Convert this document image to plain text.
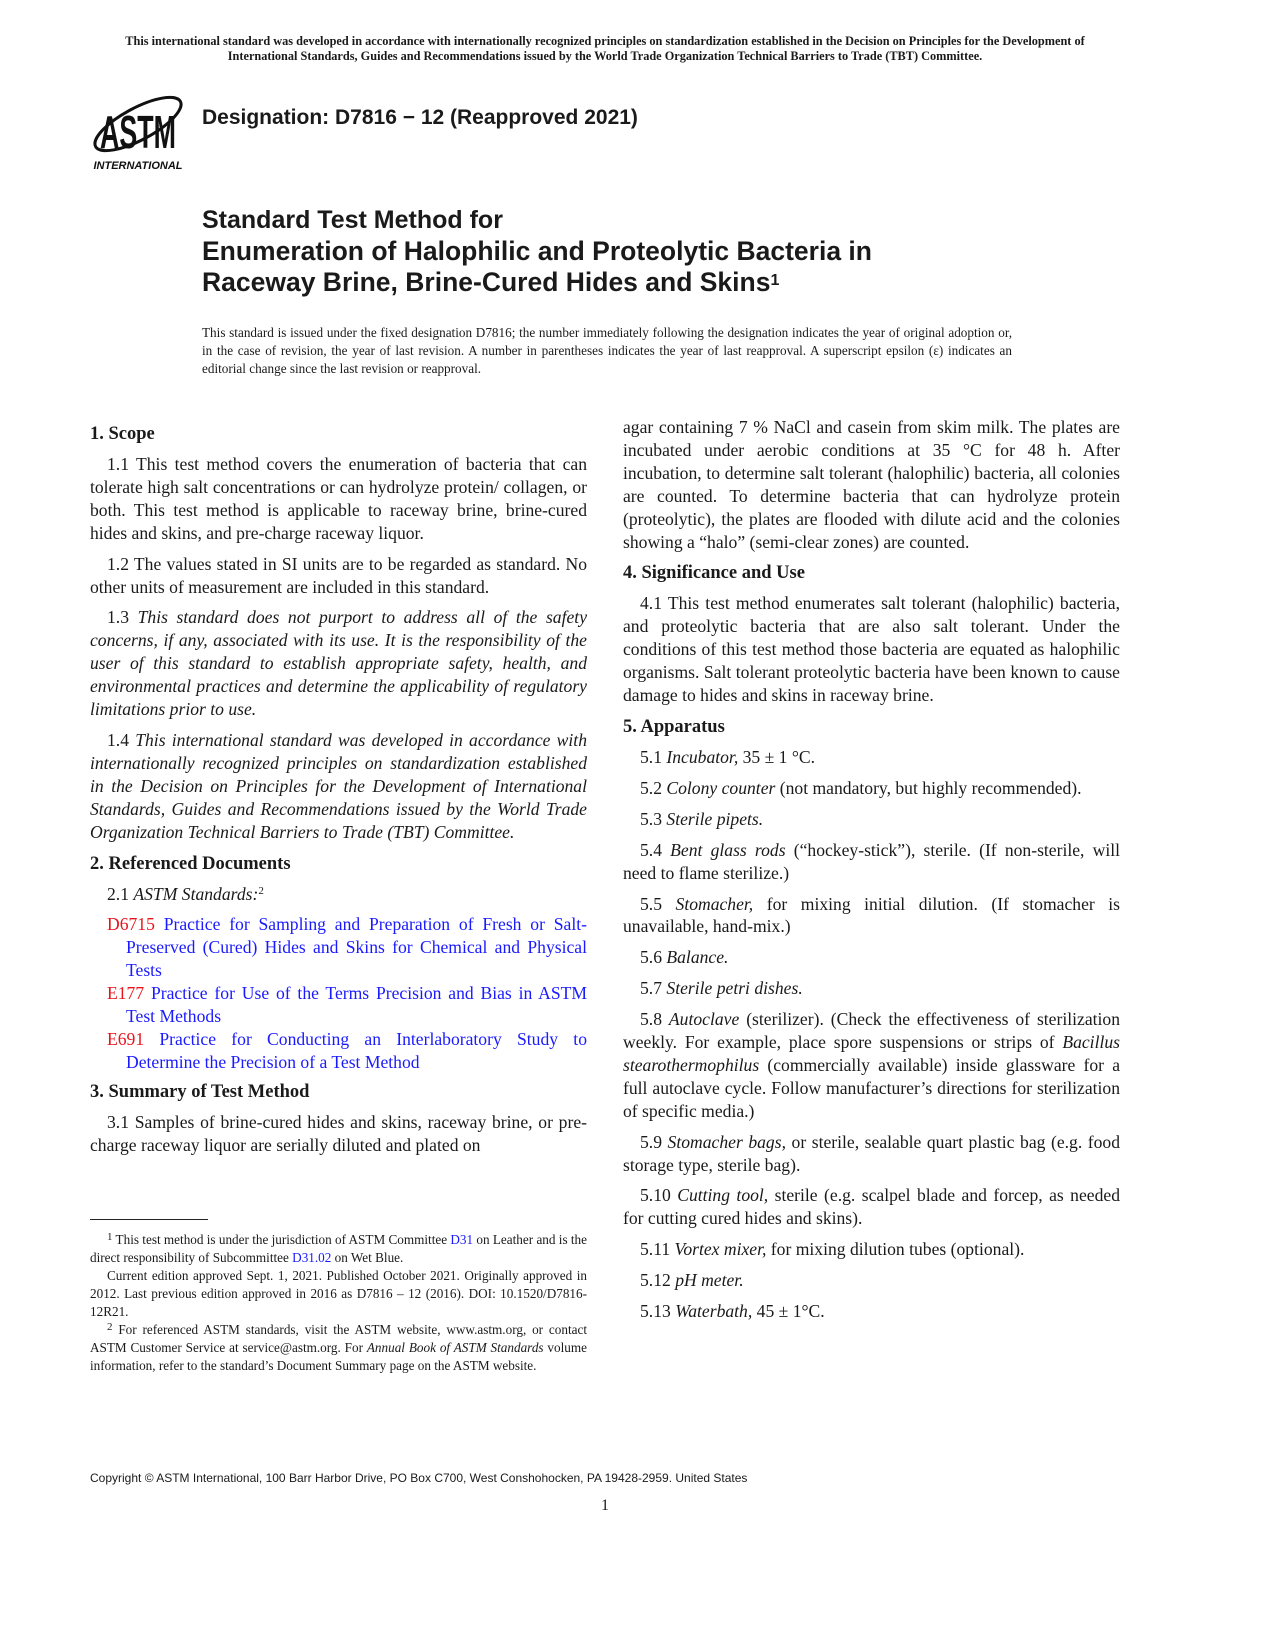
This international standard was developed in accordance with internationally recognized principles on standardization established in the Decision on Principles for the Development of International Standards, Guides and Recommendations issued by the World Trade Organization Technical Barriers to Trade (TBT) Committee.
ASTM
INTERNATIONAL
Designation: D7816 − 12 (Reapproved 2021)
Standard Test Method for
Enumeration of Halophilic and Proteolytic Bacteria in
Raceway Brine, Brine-Cured Hides and Skins$^1$
This standard is issued under the fixed designation D7816; the number immediately following the designation indicates the year of original adoption or, in the case of revision, the year of last revision. A number in parentheses indicates the year of last reapproval. A superscript epsilon (ε) indicates an editorial change since the last revision or reapproval.
1. Scope

1.1 This test method covers the enumeration of bacteria that can tolerate high salt concentrations or can hydrolyze protein/ collagen, or both. This test method is applicable to raceway brine, brine-cured hides and skins, and pre-charge raceway liquor.

1.2 The values stated in SI units are to be regarded as standard. No other units of measurement are included in this standard.

1.3 This standard does not purport to address all of the safety concerns, if any, associated with its use. It is the responsibility of the user of this standard to establish appropriate safety, health, and environmental practices and determine the applicability of regulatory limitations prior to use.

1.4 This international standard was developed in accordance with internationally recognized principles on standardization established in the Decision on Principles for the Development of International Standards, Guides and Recommendations issued by the World Trade Organization Technical Barriers to Trade (TBT) Committee.

2. Referenced Documents

2.1 ASTM Standards:$^2$

D6715 Practice for Sampling and Preparation of Fresh or Salt-Preserved (Cured) Hides and Skins for Chemical and Physical Tests

E177 Practice for Use of the Terms Precision and Bias in ASTM Test Methods

E691 Practice for Conducting an Interlaboratory Study to Determine the Precision of a Test Method

3. Summary of Test Method

3.1 Samples of brine-cured hides and skins, raceway brine, or pre-charge raceway liquor are serially diluted and plated on

agar containing 7 % NaCl and casein from skim milk. The plates are incubated under aerobic conditions at 35 °C for 48 h. After incubation, to determine salt tolerant (halophilic) bacteria, all colonies are counted. To determine bacteria that can hydrolyze protein (proteolytic), the plates are flooded with dilute acid and the colonies showing a “halo” (semi-clear zones) are counted.

4. Significance and Use

4.1 This test method enumerates salt tolerant (halophilic) bacteria, and proteolytic bacteria that are also salt tolerant. Under the conditions of this test method those bacteria are equated as halophilic organisms. Salt tolerant proteolytic bacteria have been known to cause damage to hides and skins in raceway brine.

5. Apparatus

5.1 Incubator, 35 ± 1 °C.

5.2 Colony counter (not mandatory, but highly recommended).

5.3 Sterile pipets.

5.4 Bent glass rods (“hockey-stick”), sterile. (If non-sterile, will need to flame sterilize.)

5.5 Stomacher, for mixing initial dilution. (If stomacher is unavailable, hand-mix.)

5.6 Balance.

5.7 Sterile petri dishes.

5.8 Autoclave (sterilizer). (Check the effectiveness of sterilization weekly. For example, place spore suspensions or strips of Bacillus stearothermophilus (commercially available) inside glassware for a full autoclave cycle. Follow manufacturer’s directions for sterilization of specific media.)

5.9 Stomacher bags, or sterile, sealable quart plastic bag (e.g. food storage type, sterile bag).

5.10 Cutting tool, sterile (e.g. scalpel blade and forcep, as needed for cutting cured hides and skins).

5.11 Vortex mixer, for mixing dilution tubes (optional).

5.12 pH meter.

5.13 Waterbath, 45 ± 1°C.

$^1$ This test method is under the jurisdiction of ASTM Committee D31 on Leather and is the direct responsibility of Subcommittee D31.02 on Wet Blue.

Current edition approved Sept. 1, 2021. Published October 2021. Originally approved in 2012. Last previous edition approved in 2016 as D7816 – 12 (2016). DOI: 10.1520/D7816-12R21.

$^2$ For referenced ASTM standards, visit the ASTM website, www.astm.org, or contact ASTM Customer Service at service@astm.org. For Annual Book of ASTM Standards volume information, refer to the standard’s Document Summary page on the ASTM website.

Copyright © ASTM International, 100 Barr Harbor Drive, PO Box C700, West Conshohocken, PA 19428-2959. United States
1
